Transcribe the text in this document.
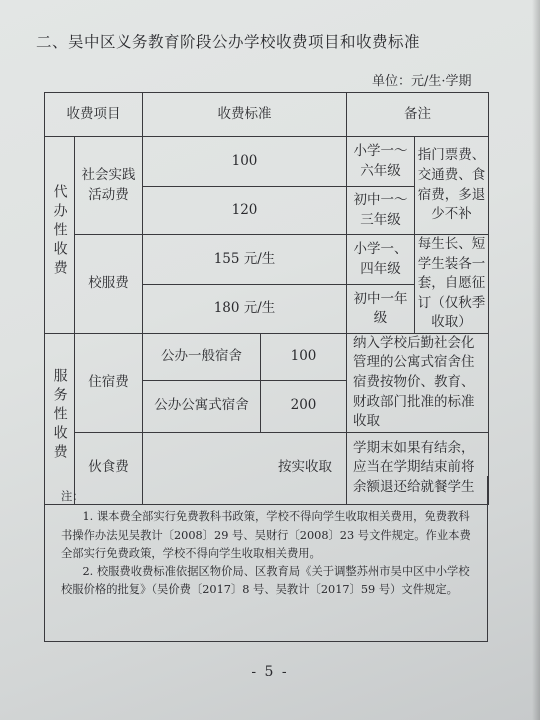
二、吴中区义务教育阶段公办学校收费项目和收费标准
单位：元/生·学期
收费项目		收费标准		备注	
代办性收费	社会实践活动费	100		小学一～六年级	指门票费、交通费、食宿费，多退少不补
		120		初中一～三年级	
	校服费	155 元/生		小学一、四年级	每生长、短学生装各一套，自愿征订（仅秋季收取）
		180 元/生		初中一年级	
服务性收费	住宿费	公办一般宿舍	100	纳入学校后勤社会化管理的公寓式宿舍住宿费按物价、教育、财政部门批准的标准收取	
		公办公寓式宿舍	200		
	伙食费	按实收取		学期末如果有结余，应当在学期结束前将余额退还给就餐学生	
注：

1. 课本费全部实行免费教科书政策，学校不得向学生收取相关费用，免费教科书操作办法见吴教计〔2008〕29 号、吴财行〔2008〕23 号文件规定。作业本费全部实行免费政策，学校不得向学生收取相关费用。

2. 校服费收费标准依据区物价局、区教育局《关于调整苏州市吴中区中小学校校服价格的批复》（吴价费〔2017〕8 号、吴教计〔2017〕59 号）文件规定。

- 5 -
